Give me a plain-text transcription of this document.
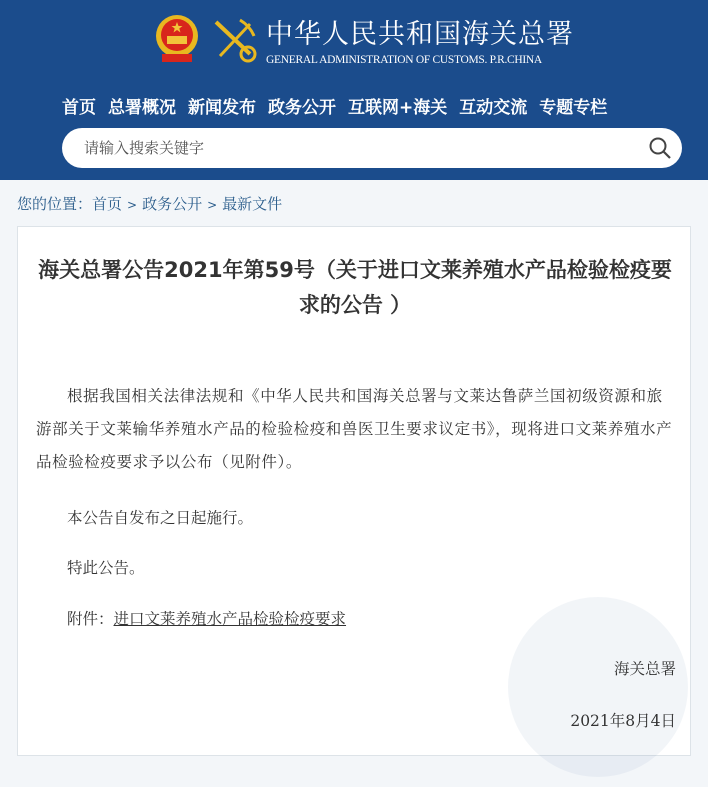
中华人民共和国海关总署
GENERAL ADMINISTRATION OF CUSTOMS. P.R.CHINA
首页 总署概况 新闻发布 政务公开 互联网+海关 互动交流 专题专栏
请输入搜索关键字
您的位置：首页 > 政务公开 > 最新文件
海关总署公告2021年第59号（关于进口文莱养殖水产品检验检疫要求的公告 ）
根据我国相关法律法规和《中华人民共和国海关总署与文莱达鲁萨兰国初级资源和旅游部关于文莱输华养殖水产品的检验检疫和兽医卫生要求议定书》，现将进口文莱养殖水产品检验检疫要求予以公布（见附件）。
本公告自发布之日起施行。
特此公告。
附件：进口文莱养殖水产品检验检疫要求
海关总署
2021年8月4日
